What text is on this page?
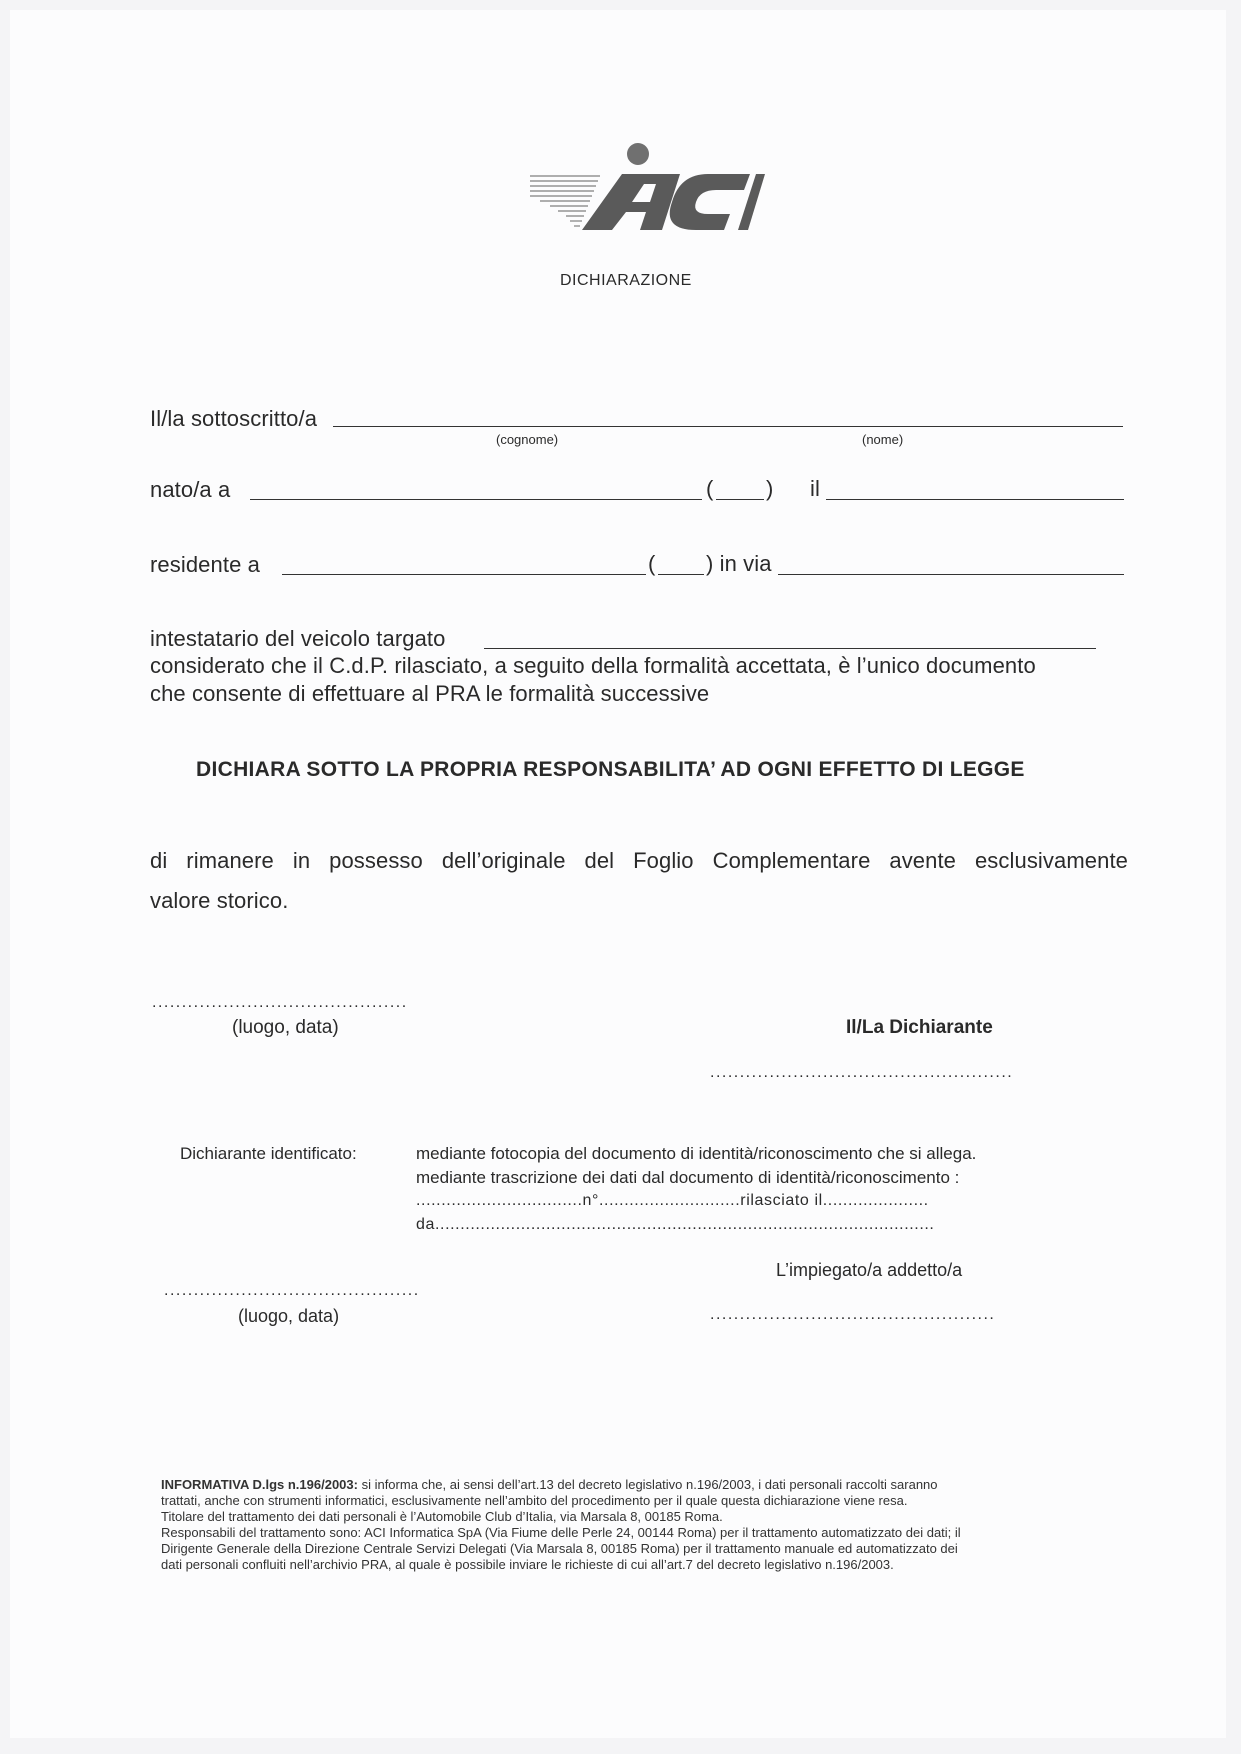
DICHIARAZIONE
Il/la sottoscritto/a
(cognome)	(nome)
nato/a a	( ) il
residente a	( ) in via
intestatario del veicolo targato
considerato che il C.d.P. rilasciato, a seguito della formalità accettata, è l’unico documento
che consente di effettuare al PRA le formalità successive
DICHIARA SOTTO LA PROPRIA RESPONSABILITA’ AD OGNI EFFETTO DI LEGGE
di rimanere in possesso dell’originale del Foglio Complementare avente esclusivamente
valore storico.
...........................................
(luogo, data)	Il/La Dichiarante
...................................................
Dichiarante identificato:	mediante fotocopia del documento di identità/riconoscimento che si allega.
mediante trascrizione dei dati dal documento di identità/riconoscimento :
.................................n°............................rilasciato il.....................
da...................................................................................................
L’impiegato/a addetto/a
...........................................
(luogo, data)	................................................

INFORMATIVA D.lgs n.196/2003: si informa che, ai sensi dell’art.13 del decreto legislativo n.196/2003, i dati personali raccolti saranno

trattati, anche con strumenti informatici, esclusivamente nell’ambito del procedimento per il quale questa dichiarazione viene resa.

Titolare del trattamento dei dati personali è l’Automobile Club d’Italia, via Marsala 8, 00185 Roma.

Responsabili del trattamento sono: ACI Informatica SpA (Via Fiume delle Perle 24, 00144 Roma) per il trattamento automatizzato dei dati; il

Dirigente Generale della Direzione Centrale Servizi Delegati (Via Marsala 8, 00185 Roma) per il trattamento manuale ed automatizzato dei

dati personali confluiti nell’archivio PRA, al quale è possibile inviare le richieste di cui all’art.7 del decreto legislativo n.196/2003.
